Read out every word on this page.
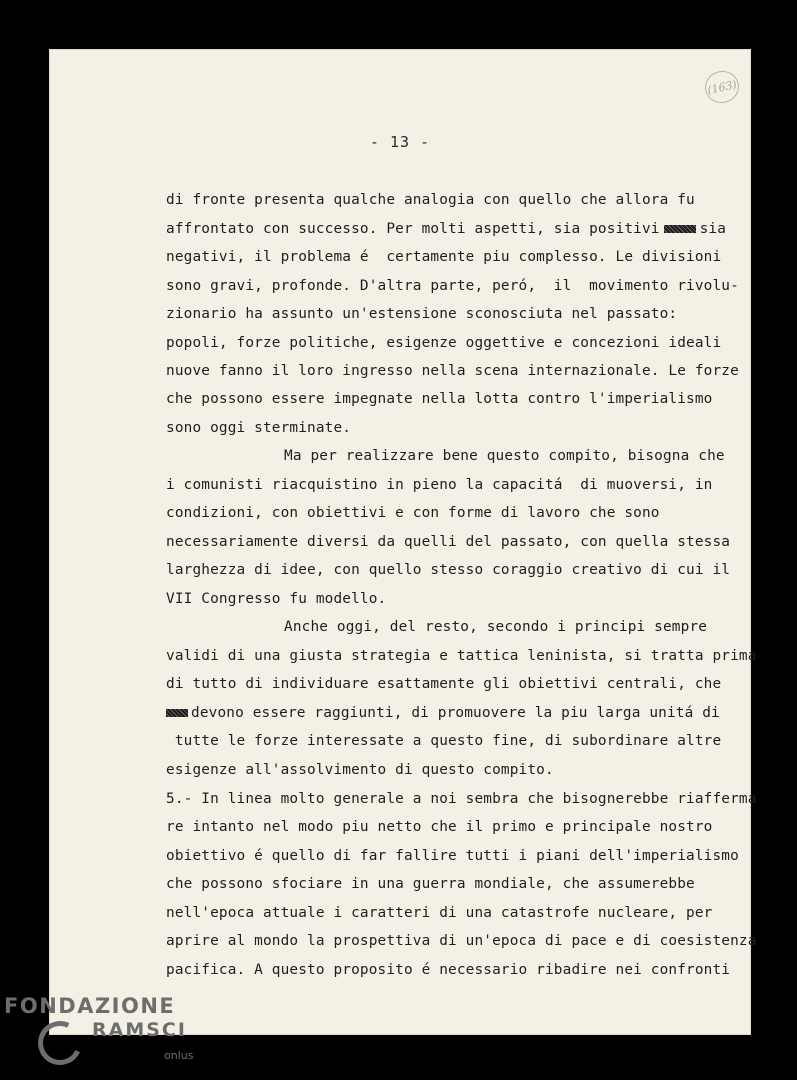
(163)
- 13 -
di fronte presenta qualche analogia con quello che allora fu
affrontato con successo. Per molti aspetti, sia positivi	sia
negativi, il problema é  certamente piu complesso. Le divisioni
sono gravi, profonde. D'altra parte, peró,  il  movimento rivolu-
zionario ha assunto un'estensione sconosciuta nel passato:
popoli, forze politiche, esigenze oggettive e concezioni ideali
nuove fanno il loro ingresso nella scena internazionale. Le forze
che possono essere impegnate nella lotta contro l'imperialismo
sono oggi sterminate.
Ma per realizzare bene questo compito, bisogna che
i comunisti riacquistino in pieno la capacitá  di muoversi, in
condizioni, con obiettivi e con forme di lavoro che sono
necessariamente diversi da quelli del passato, con quella stessa
larghezza di idee, con quello stesso coraggio creativo di cui il
VII Congresso fu modello.
Anche oggi, del resto, secondo i principi sempre
validi di una giusta strategia e tattica leninista, si tratta prima
di tutto di individuare esattamente gli obiettivi centrali, che
devono essere raggiunti, di promuovere la piu larga unitá di
tutte le forze interessate a questo fine, di subordinare altre
esigenze all'assolvimento di questo compito.
5.- In linea molto generale a noi sembra che bisognerebbe riafferma
re intanto nel modo piu netto che il primo e principale nostro
obiettivo é quello di far fallire tutti i piani dell'imperialismo
che possono sfociare in una guerra mondiale, che assumerebbe
nell'epoca attuale i caratteri di una catastrofe nucleare, per
aprire al mondo la prospettiva di un'epoca di pace e di coesistenza
pacifica. A questo proposito é necessario ribadire nei confronti
FONDAZIONE
RAMSCI
onlus
